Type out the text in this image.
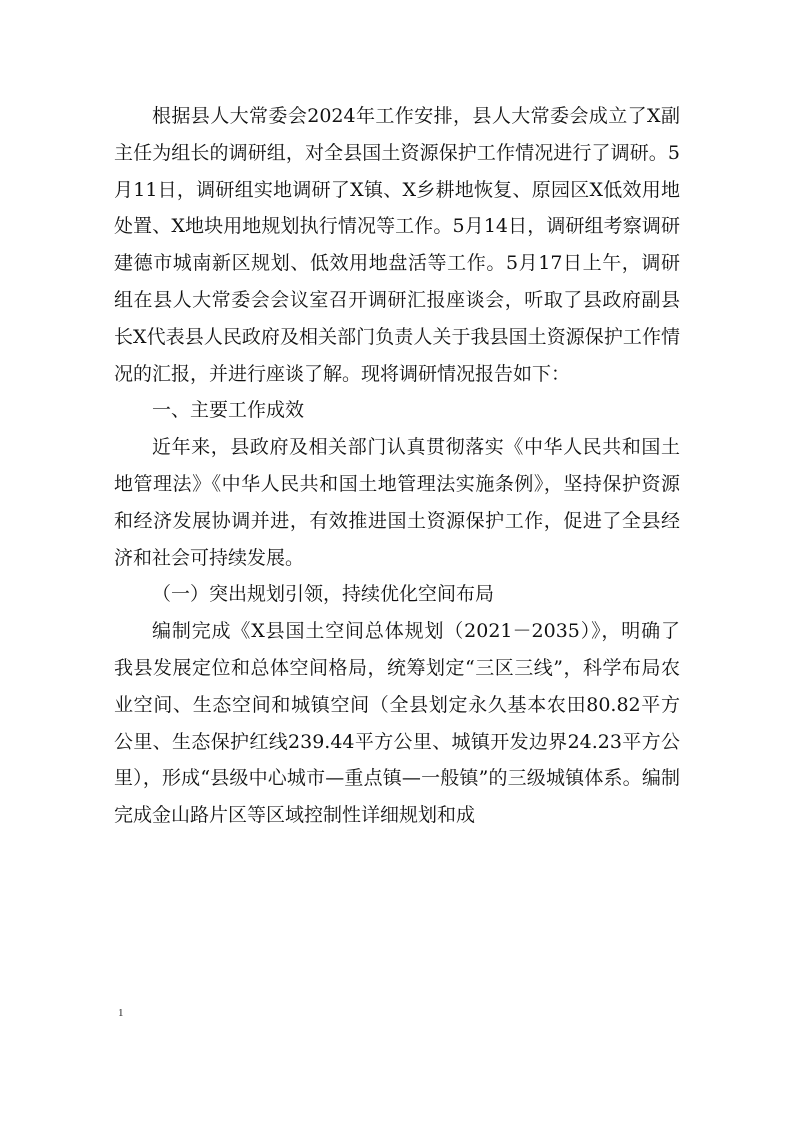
根据县人大常委会2024年工作安排，县人大常委会成立了X副主任为组长的调研组，对全县国土资源保护工作情况进行了调研。5月11日，调研组实地调研了X镇、X乡耕地恢复、原园区X低效用地处置、X地块用地规划执行情况等工作。5月14日，调研组考察调研建德市城南新区规划、低效用地盘活等工作。5月17日上午，调研组在县人大常委会会议室召开调研汇报座谈会，听取了县政府副县长X代表县人民政府及相关部门负责人关于我县国土资源保护工作情况的汇报，并进行座谈了解。现将调研情况报告如下：

一、主要工作成效

近年来，县政府及相关部门认真贯彻落实《中华人民共和国土地管理法》《中华人民共和国土地管理法实施条例》，坚持保护资源和经济发展协调并进，有效推进国土资源保护工作，促进了全县经济和社会可持续发展。

（一）突出规划引领，持续优化空间布局

编制完成《X县国土空间总体规划（2021－2035）》，明确了我县发展定位和总体空间格局，统筹划定“三区三线”，科学布局农业空间、生态空间和城镇空间（全县划定永久基本农田80.82平方公里、生态保护红线239.44平方公里、城镇开发边界24.23平方公里），形成“县级中心城市—重点镇—一般镇”的三级城镇体系。编制完成金山路片区等区域控制性详细规划和成

1
